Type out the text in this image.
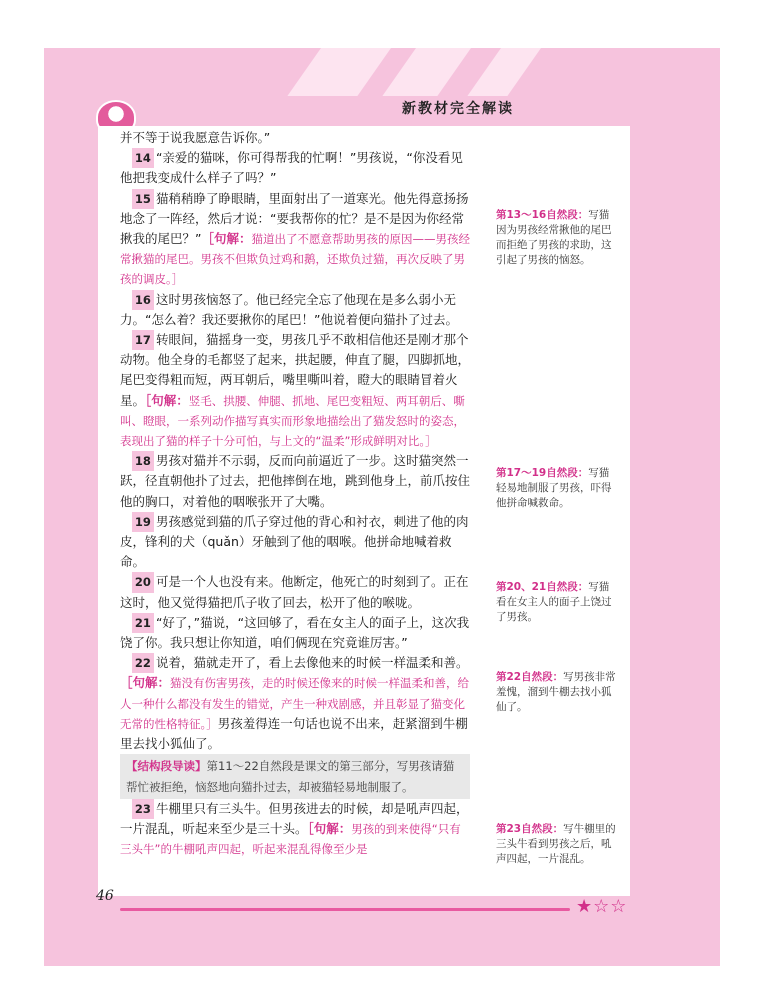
新教材完全解读

并不等于说我愿意告诉你。”

14 “亲爱的猫咪，你可得帮我的忙啊！”男孩说，“你没看见他把我变成什么样子了吗？”

15 猫稍稍睁了睁眼睛，里面射出了一道寒光。他先得意扬扬地念了一阵经，然后才说：“要我帮你的忙？是不是因为你经常揪我的尾巴？”［句解：猫道出了不愿意帮助男孩的原因——男孩经常揪猫的尾巴。男孩不但欺负过鸡和鹅，还欺负过猫，再次反映了男孩的调皮。］

16 这时男孩恼怒了。他已经完全忘了他现在是多么弱小无力。“怎么着？我还要揪你的尾巴！”他说着便向猫扑了过去。

17 转眼间，猫摇身一变，男孩几乎不敢相信他还是刚才那个动物。他全身的毛都竖了起来，拱起腰，伸直了腿，四脚抓地，尾巴变得粗而短，两耳朝后，嘴里嘶叫着，瞪大的眼睛冒着火星。［句解：竖毛、拱腰、伸腿、抓地、尾巴变粗短、两耳朝后、嘶叫、瞪眼，一系列动作描写真实而形象地描绘出了猫发怒时的姿态，表现出了猫的样子十分可怕，与上文的“温柔”形成鲜明对比。］

18 男孩对猫并不示弱，反而向前逼近了一步。这时猫突然一跃，径直朝他扑了过去，把他摔倒在地，跳到他身上，前爪按住他的胸口，对着他的咽喉张开了大嘴。

19 男孩感觉到猫的爪子穿过他的背心和衬衣，刺进了他的肉皮，锋利的犬（quǎn）牙触到了他的咽喉。他拼命地喊着救命。

20 可是一个人也没有来。他断定，他死亡的时刻到了。正在这时，他又觉得猫把爪子收了回去，松开了他的喉咙。

21 “好了，”猫说，“这回够了，看在女主人的面子上，这次我饶了你。我只想让你知道，咱们俩现在究竟谁厉害。”

22 说着，猫就走开了，看上去像他来的时候一样温柔和善。［句解：猫没有伤害男孩，走的时候还像来的时候一样温柔和善，给人一种什么都没有发生的错觉，产生一种戏剧感，并且彰显了猫变化无常的性格特征。］男孩羞得连一句话也说不出来，赶紧溜到牛棚里去找小狐仙了。

【结构段导读】第11～22自然段是课文的第三部分，写男孩请猫帮忙被拒绝，恼怒地向猫扑过去，却被猫轻易地制服了。

23 牛棚里只有三头牛。但男孩进去的时候，却是吼声四起，一片混乱，听起来至少是三十头。［句解：男孩的到来使得“只有三头牛”的牛棚吼声四起，听起来混乱得像至少是

第13～16自然段：写猫因为男孩经常揪他的尾巴而拒绝了男孩的求助，这引起了男孩的恼怒。
第17～19自然段：写猫轻易地制服了男孩，吓得他拼命喊救命。
第20、21自然段：写猫看在女主人的面子上饶过了男孩。
第22自然段：写男孩非常羞愧，溜到牛棚去找小狐仙了。
第23自然段：写牛棚里的三头牛看到男孩之后，吼声四起，一片混乱。
46	★☆☆
